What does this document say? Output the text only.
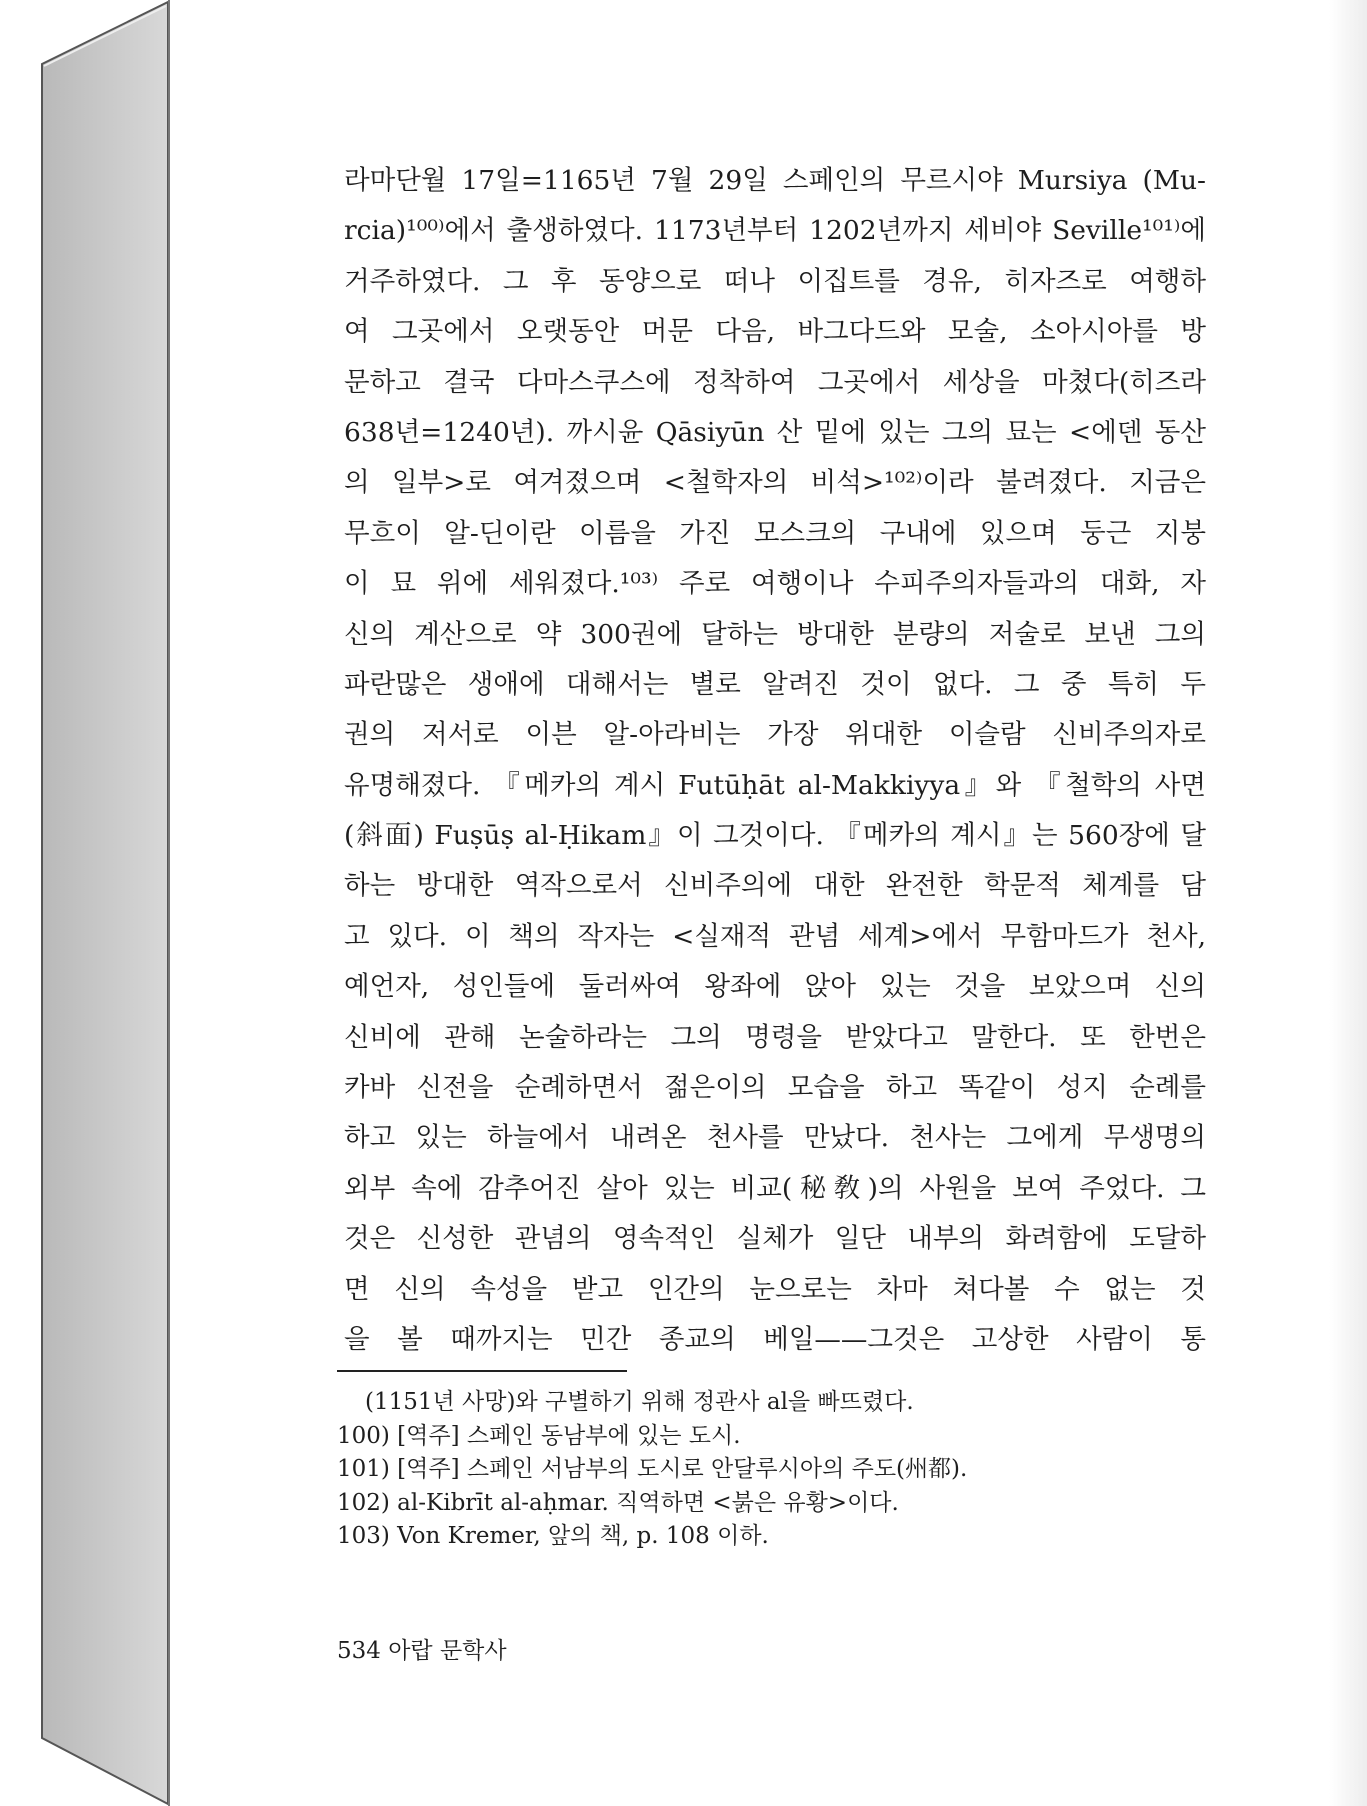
라마단월 17일=1165년 7월 29일 스페인의 무르시야 Mursiya (Mu-
rcia)¹⁰⁰⁾에서 출생하였다. 1173년부터 1202년까지 세비야 Seville¹⁰¹⁾에
거주하였다. 그 후 동양으로 떠나 이집트를 경유, 히자즈로 여행하
여 그곳에서 오랫동안 머문 다음, 바그다드와 모술, 소아시아를 방
문하고 결국 다마스쿠스에 정착하여 그곳에서 세상을 마쳤다(히즈라
638년=1240년). 까시윤 Qāsiyūn 산 밑에 있는 그의 묘는 <에덴 동산
의 일부>로 여겨졌으며 <철학자의 비석>¹⁰²⁾이라 불려졌다. 지금은
무흐이 알-딘이란 이름을 가진 모스크의 구내에 있으며 둥근 지붕
이 묘 위에 세워졌다.¹⁰³⁾ 주로 여행이나 수피주의자들과의 대화, 자
신의 계산으로 약 300권에 달하는 방대한 분량의 저술로 보낸 그의
파란많은 생애에 대해서는 별로 알려진 것이 없다. 그 중 특히 두
권의 저서로 이븐 알-아라비는 가장 위대한 이슬람 신비주의자로
유명해졌다. 『메카의 계시 Futūḥāt al-Makkiyya』와 『철학의 사면
(斜面) Fuṣūṣ al-Ḥikam』이 그것이다. 『메카의 계시』는 560장에 달
하는 방대한 역작으로서 신비주의에 대한 완전한 학문적 체계를 담
고 있다. 이 책의 작자는 <실재적 관념 세계>에서 무함마드가 천사,
예언자, 성인들에 둘러싸여 왕좌에 앉아 있는 것을 보았으며 신의
신비에 관해 논술하라는 그의 명령을 받았다고 말한다. 또 한번은
카바 신전을 순례하면서 젊은이의 모습을 하고 똑같이 성지 순례를
하고 있는 하늘에서 내려온 천사를 만났다. 천사는 그에게 무생명의
외부 속에 감추어진 살아 있는 비교(秘敎)의 사원을 보여 주었다. 그
것은 신성한 관념의 영속적인 실체가 일단 내부의 화려함에 도달하
면 신의 속성을 받고 인간의 눈으로는 차마 쳐다볼 수 없는 것
을 볼 때까지는 민간 종교의 베일——그것은 고상한 사람이 통
(1151년 사망)와 구별하기 위해 정관사 al을 빠뜨렸다.
100) [역주] 스페인 동남부에 있는 도시.
101) [역주] 스페인 서남부의 도시로 안달루시아의 주도(州都).
102) al-Kibrīt al-aḥmar. 직역하면 <붉은 유황>이다.
103) Von Kremer, 앞의 책, p. 108 이하.
534 아랍 문학사
